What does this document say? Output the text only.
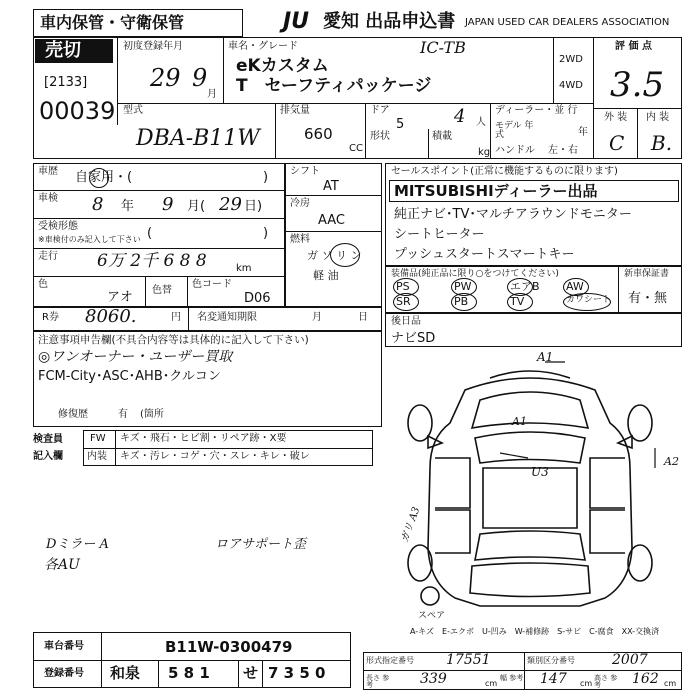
車内保管・守衛保管	JU 愛知 出品申込書 JAPAN USED CAR DEALERS ASSOCIATION
売切
[2133]
00039
初度登録年月
29 9
月
車名・グレード	IC-TB
eKカスタム
T　セーフティパッケージ
2WD
4WD
評 価 点
3.5
外 装 内 装
C B.
型式
DBA-B11W
排気量
660
CC
ドア
5	4 人
形状	積載
kg
ディーラー・並 行
モデル 年式	年
ハンドル 左・右
車歴 自家用・(	)
車検 8 年 9 月( 29 日)
受検形態
※車検付のみ記入して下さい (	)
走行 6万 2千 6 8 8	km
色
アオ 色替
色コード
D06
シフト
AT
冷房
AAC
燃料
ガ ソ リ ン
軽 油
R券 8060.	円 名変通知期限	月	日
セールスポイント(正常に機能するものに限ります)
MITSUBISHIディーラー出品
純正ナビ･TV･マルチアラウンドモニター
シートヒーター
プッシュスタートスマートキー
装備品(純正品に限り○をつけてください)	新車保証書
有・無
PS	PW	エアB AW
SR	PB	TV	カワシート
後日品
ナビSD
注意事項申告欄(不具合内容等は具体的に記入して下さい)
◎ワンオーナー・ユーザー買取
FCM-City･ASC･AHB･クルコン
修復歴	有 (箇所
検査員
記入欄
FW キズ・飛石・ヒビ割・リペア跡・X要
内装 キズ・汚レ・コゲ・穴・スレ・キレ・破レ
Dミラー A	ロアサポート歪
各AU
ガリ A3
A1
A1
A2
U3
スペア
A-キズ　E-エクボ　U-凹み　W-補修跡　S-サビ　C-腐食　XX-交換済
車台番号	B11W-0300479
登録番号 和泉 5 8 1 せ 7 3 5 0
形式指定番号 17551	類別区分番号	2007
長さ 参考	339	cm
幅 参考 147 cm
高さ 参考	162 cm
